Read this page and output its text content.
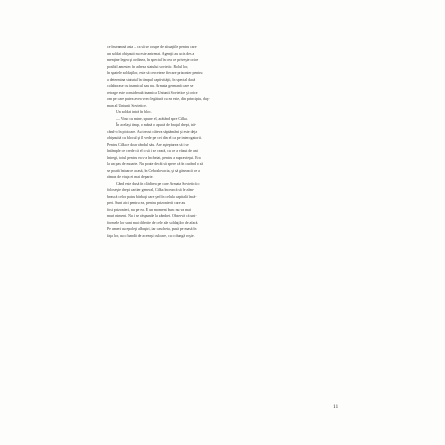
ce înseamnă asta – ca să se ocupe de situaţiile pentru care
un soldat obişnuit nu este antrenat. Agenţii au ucis des a
menţine legea şi ordinea, în special în cea ce priveşte orice
posibil amestec în adresa statului sovietic. Rolul lor,
în spatele soldaţilor, este să cerceteze fiecare prizonier pentru
a determina statutul în timpul captivităţii, în special dacă
colaborase cu inamicul sau nu. Armata germană care se
retrage este considerată inamica Uniunii Sovietice şi orice
om pe care putea avea vreo legătură cu ea este, din principiu, duş-
man al Uniunii Sovietice.
Un soldat intră în bloc.
— Vino cu mine, spune el, arătând spre Cilka.
În acelaşi timp, o mână o apucă de braţul drept, tră-
când-o în picioare. Au trecut câteva săptămâni şi este deja
obişnuită cu blocul şi îl vede pe cei din el ca pe interogatorii.
Pentru Cilka e doar rândul său. Are aşteptarea să i se
întâmple ce crede că el o să i se ceară, cu ce a văzut de ani
întregi, totul pentru ea s-a încheiat, pentru a supravieţui. Era
la un pas de moarte. Nu poate decât să spere că în curând o să
se poată întoarce acasă, în Cehoslovacia, şi să găsească ce a
rămas de viaţa ei mai departe.
Când este dusă în clădirea pe care Armata Sovietică o
foloseşte drept cartier general, Cilka încearcă să le zâm-
bească celor patru bărbaţi care şed în celula capitală încă-
peri. Sunt aici pentru ea, pentru prizonierii care au
fost prizonieri, nu pe ea. E un moment bun: nu va mai
muri nimeni. Nu i se răspunde la zâmbet. Observă că uni-
formele lor sunt mai diferite de cele ale soldaţilor de afară.
Pe umeri au epoleţi albaştri, iar cascheta, pusă pe masă în
faţa lor, au o bandă de aceeaşi culoare, cu o dungă roşie.
11
